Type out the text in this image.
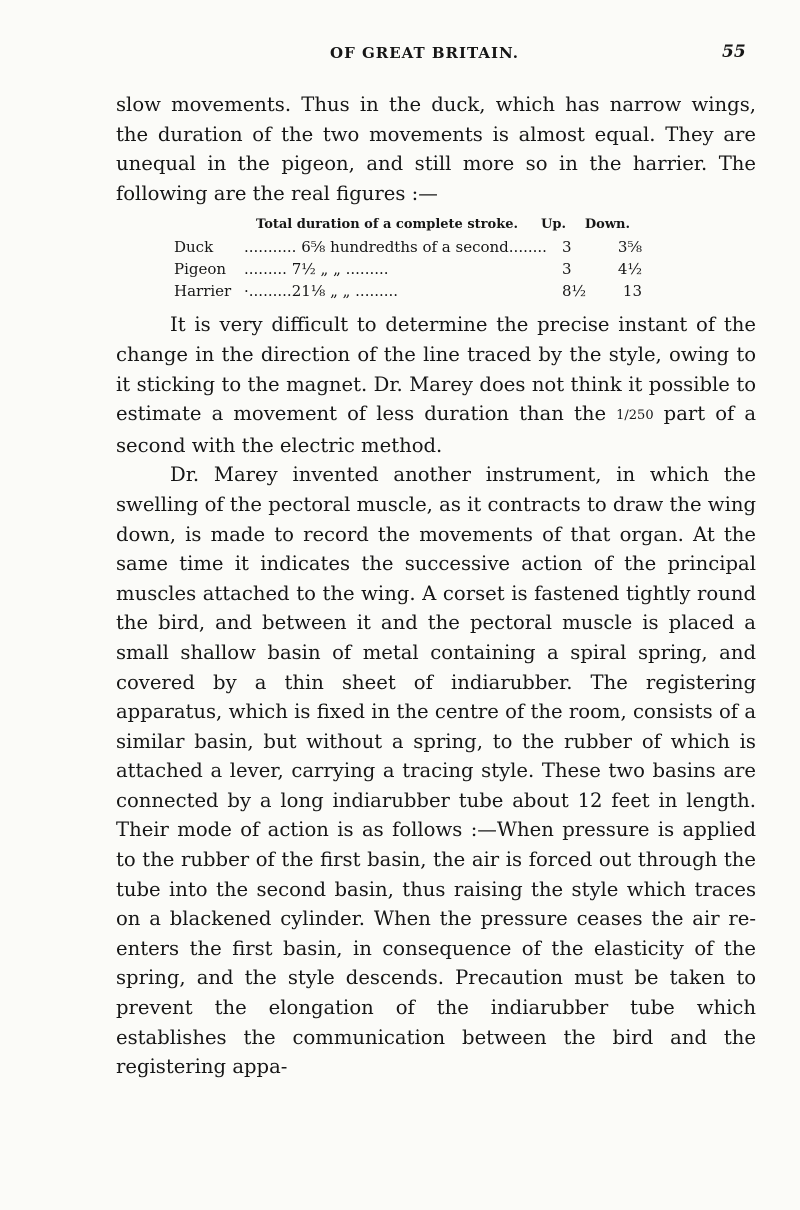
OF GREAT BRITAIN.	55

slow movements. Thus in the duck, which has narrow wings, the duration of the two movements is almost equal. They are unequal in the pigeon, and still more so in the harrier. The following are the real figures :—

Total duration of a complete stroke.	Up.	Down.
Duck	........... 6⅝ hundredths of a second........	3	3⅝
Pigeon	......... 7½ „ „ .........	3	4½
Harrier ·.........21⅛ „ „ .........	8½	13

It is very difficult to determine the precise instant of the change in the direction of the line traced by the style, owing to it sticking to the magnet. Dr. Marey does not think it possible to estimate a movement of less duration than the 1/250 part of a second with the electric method.

Dr. Marey invented another instrument, in which the swelling of the pectoral muscle, as it contracts to draw the wing down, is made to record the movements of that organ. At the same time it indicates the successive action of the principal muscles attached to the wing. A corset is fastened tightly round the bird, and between it and the pectoral muscle is placed a small shallow basin of metal containing a spiral spring, and covered by a thin sheet of indiarubber. The registering apparatus, which is fixed in the centre of the room, consists of a similar basin, but without a spring, to the rubber of which is attached a lever, carrying a tracing style. These two basins are connected by a long indiarubber tube about 12 feet in length. Their mode of action is as follows :—When pressure is applied to the rubber of the first basin, the air is forced out through the tube into the second basin, thus raising the style which traces on a blackened cylinder. When the pressure ceases the air re-enters the first basin, in consequence of the elasticity of the spring, and the style descends. Precaution must be taken to prevent the elongation of the indiarubber tube which establishes the communication between the bird and the registering appa-
